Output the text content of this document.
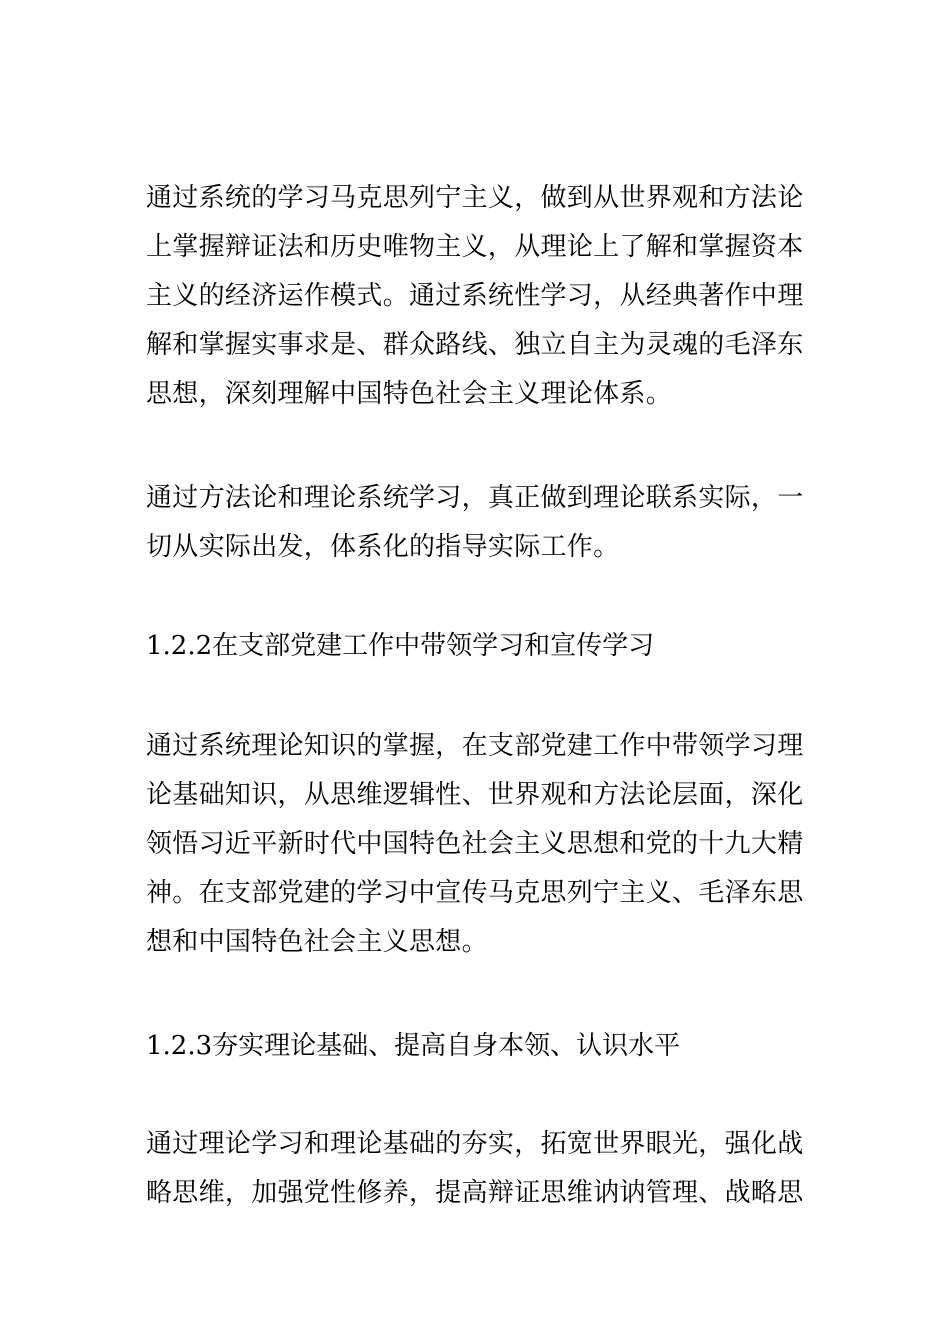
通过系统的学习马克思列宁主义，做到从世界观和方法论
上掌握辩证法和历史唯物主义，从理论上了解和掌握资本
主义的经济运作模式。通过系统性学习，从经典著作中理
解和掌握实事求是、群众路线、独立自主为灵魂的毛泽东
思想，深刻理解中国特色社会主义理论体系。
通过方法论和理论系统学习，真正做到理论联系实际，一
切从实际出发，体系化的指导实际工作。
1.2.2在支部党建工作中带领学习和宣传学习
通过系统理论知识的掌握，在支部党建工作中带领学习理
论基础知识，从思维逻辑性、世界观和方法论层面，深化
领悟习近平新时代中国特色社会主义思想和党的十九大精
神。在支部党建的学习中宣传马克思列宁主义、毛泽东思
想和中国特色社会主义思想。
1.2.3夯实理论基础、提高自身本领、认识水平
通过理论学习和理论基础的夯实，拓宽世界眼光，强化战
略思维，加强党性修养，提高辩证思维讷讷管理、战略思
